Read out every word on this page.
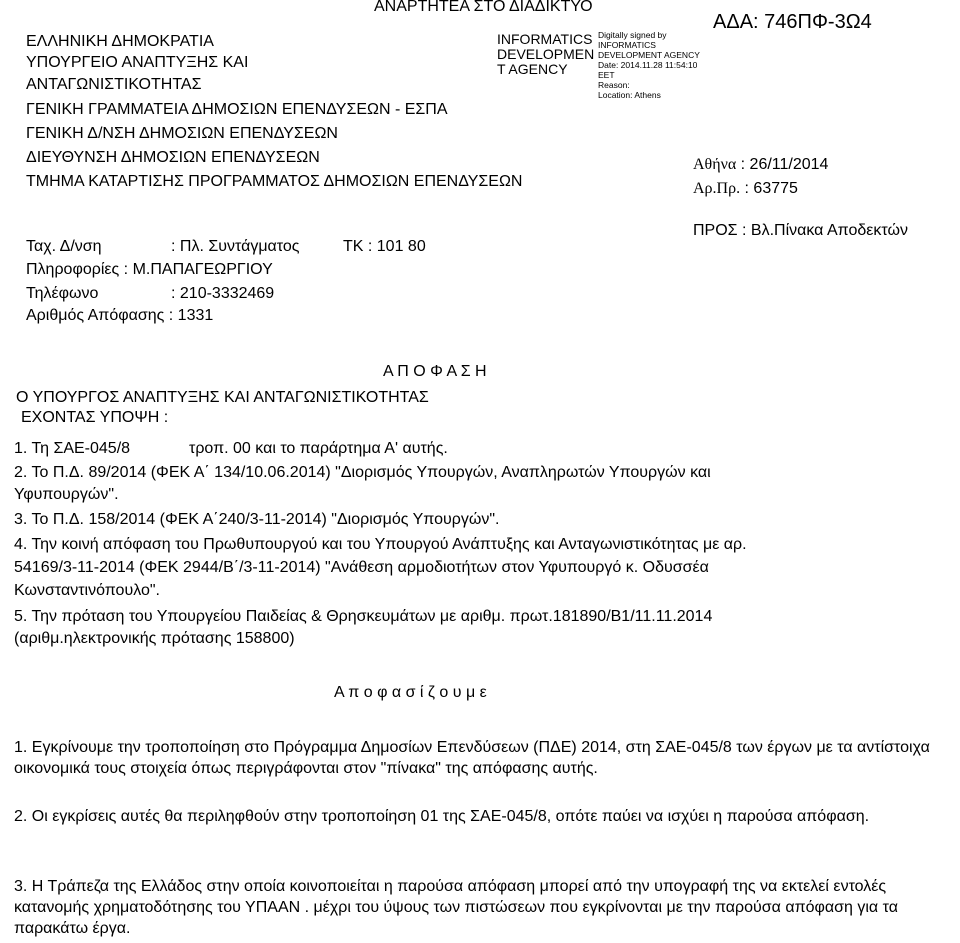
ΑΝΑΡΤΗΤΕΑ ΣΤΟ ΔΙΑΔΙΚΤΥΟ
ΕΛΛΗΝΙΚΗ ΔΗΜΟΚΡΑΤΙΑ
ΥΠΟΥΡΓΕΙΟ ΑΝΑΠΤΥΞΗΣ ΚΑΙ
ΑΝΤΑΓΩΝΙΣΤΙΚΟΤΗΤΑΣ
ΓΕΝΙΚΗ ΓΡΑΜΜΑΤΕΙΑ ΔΗΜΟΣΙΩΝ ΕΠΕΝΔΥΣΕΩΝ - ΕΣΠΑ
ΓΕΝΙΚΗ Δ/ΝΣΗ ΔΗΜΟΣΙΩΝ ΕΠΕΝΔΥΣΕΩΝ
ΔΙΕΥΘΥΝΣΗ ΔΗΜΟΣΙΩΝ ΕΠΕΝΔΥΣΕΩΝ
ΤΜΗΜΑ ΚΑΤΑΡΤΙΣΗΣ ΠΡΟΓΡΑΜΜΑΤΟΣ ΔΗΜΟΣΙΩΝ ΕΠΕΝΔΥΣΕΩΝ
INFORMATICS
DEVELOPMEN
T AGENCY
Digitally signed by
INFORMATICS
DEVELOPMENT AGENCY
Date: 2014.11.28 11:54:10
EET
Reason:
Location: Athens
ΑΔΑ: 746ΠΦ-3Ω4
Αθήνα : 26/11/2014
Αρ.Πρ. : 63775
ΠΡΟΣ : Βλ.Πίνακα Αποδεκτών
Ταχ. Δ/νση	: Πλ. Συντάγματος	ΤΚ : 101 80
Πληροφορίες : Μ.ΠΑΠΑΓΕΩΡΓΙΟΥ
Τηλέφωνο	: 210-3332469
Αριθμός Απόφασης : 1331
Α Π Ο Φ Α Σ Η
Ο ΥΠΟΥΡΓΟΣ ΑΝΑΠΤΥΞΗΣ ΚΑΙ ΑΝΤΑΓΩΝΙΣΤΙΚΟΤΗΤΑΣ
ΕΧΟΝΤΑΣ ΥΠΟΨΗ :
1. Τη ΣΑΕ-045/8	τροπ. 00 και το παράρτημα Α' αυτής.
2. Το Π.Δ. 89/2014 (ΦΕΚ Α΄ 134/10.06.2014) "Διορισμός Υπουργών, Αναπληρωτών Υπουργών και
Υφυπουργών".
3. Το Π.Δ. 158/2014 (ΦΕΚ Α΄240/3-11-2014) "Διορισμός Υπουργών".
4. Την κοινή απόφαση του Πρωθυπουργού και του Υπουργού Ανάπτυξης και Ανταγωνιστικότητας με αρ.
54169/3-11-2014 (ΦΕΚ 2944/Β΄/3-11-2014) "Ανάθεση αρμοδιοτήτων στον Υφυπουργό κ. Οδυσσέα
Κωνσταντινόπουλο".
5. Την πρόταση του Υπουργείου Παιδείας & Θρησκευμάτων με αριθμ. πρωτ.181890/Β1/11.11.2014
(αριθμ.ηλεκτρονικής πρότασης 158800)
Α π ο φ α σ ί ζ ο υ μ ε
1. Εγκρίνουμε την τροποποίηση στο Πρόγραμμα Δημοσίων Επενδύσεων (ΠΔΕ) 2014, στη ΣΑΕ-045/8 των έργων με τα αντίστοιχα οικονομικά τους στοιχεία όπως περιγράφονται στον "πίνακα" της απόφασης αυτής.
2. Οι εγκρίσεις αυτές θα περιληφθούν στην τροποποίηση 01 της ΣΑΕ-045/8, οπότε παύει να ισχύει η παρούσα απόφαση.
3. Η Τράπεζα της Ελλάδος στην οποία κοινοποιείται η παρούσα απόφαση μπορεί από την υπογραφή της να εκτελεί εντολές κατανομής χρηματοδότησης του ΥΠΑΑΝ . μέχρι του ύψους των πιστώσεων που εγκρίνονται με την παρούσα απόφαση για τα παρακάτω έργα.
